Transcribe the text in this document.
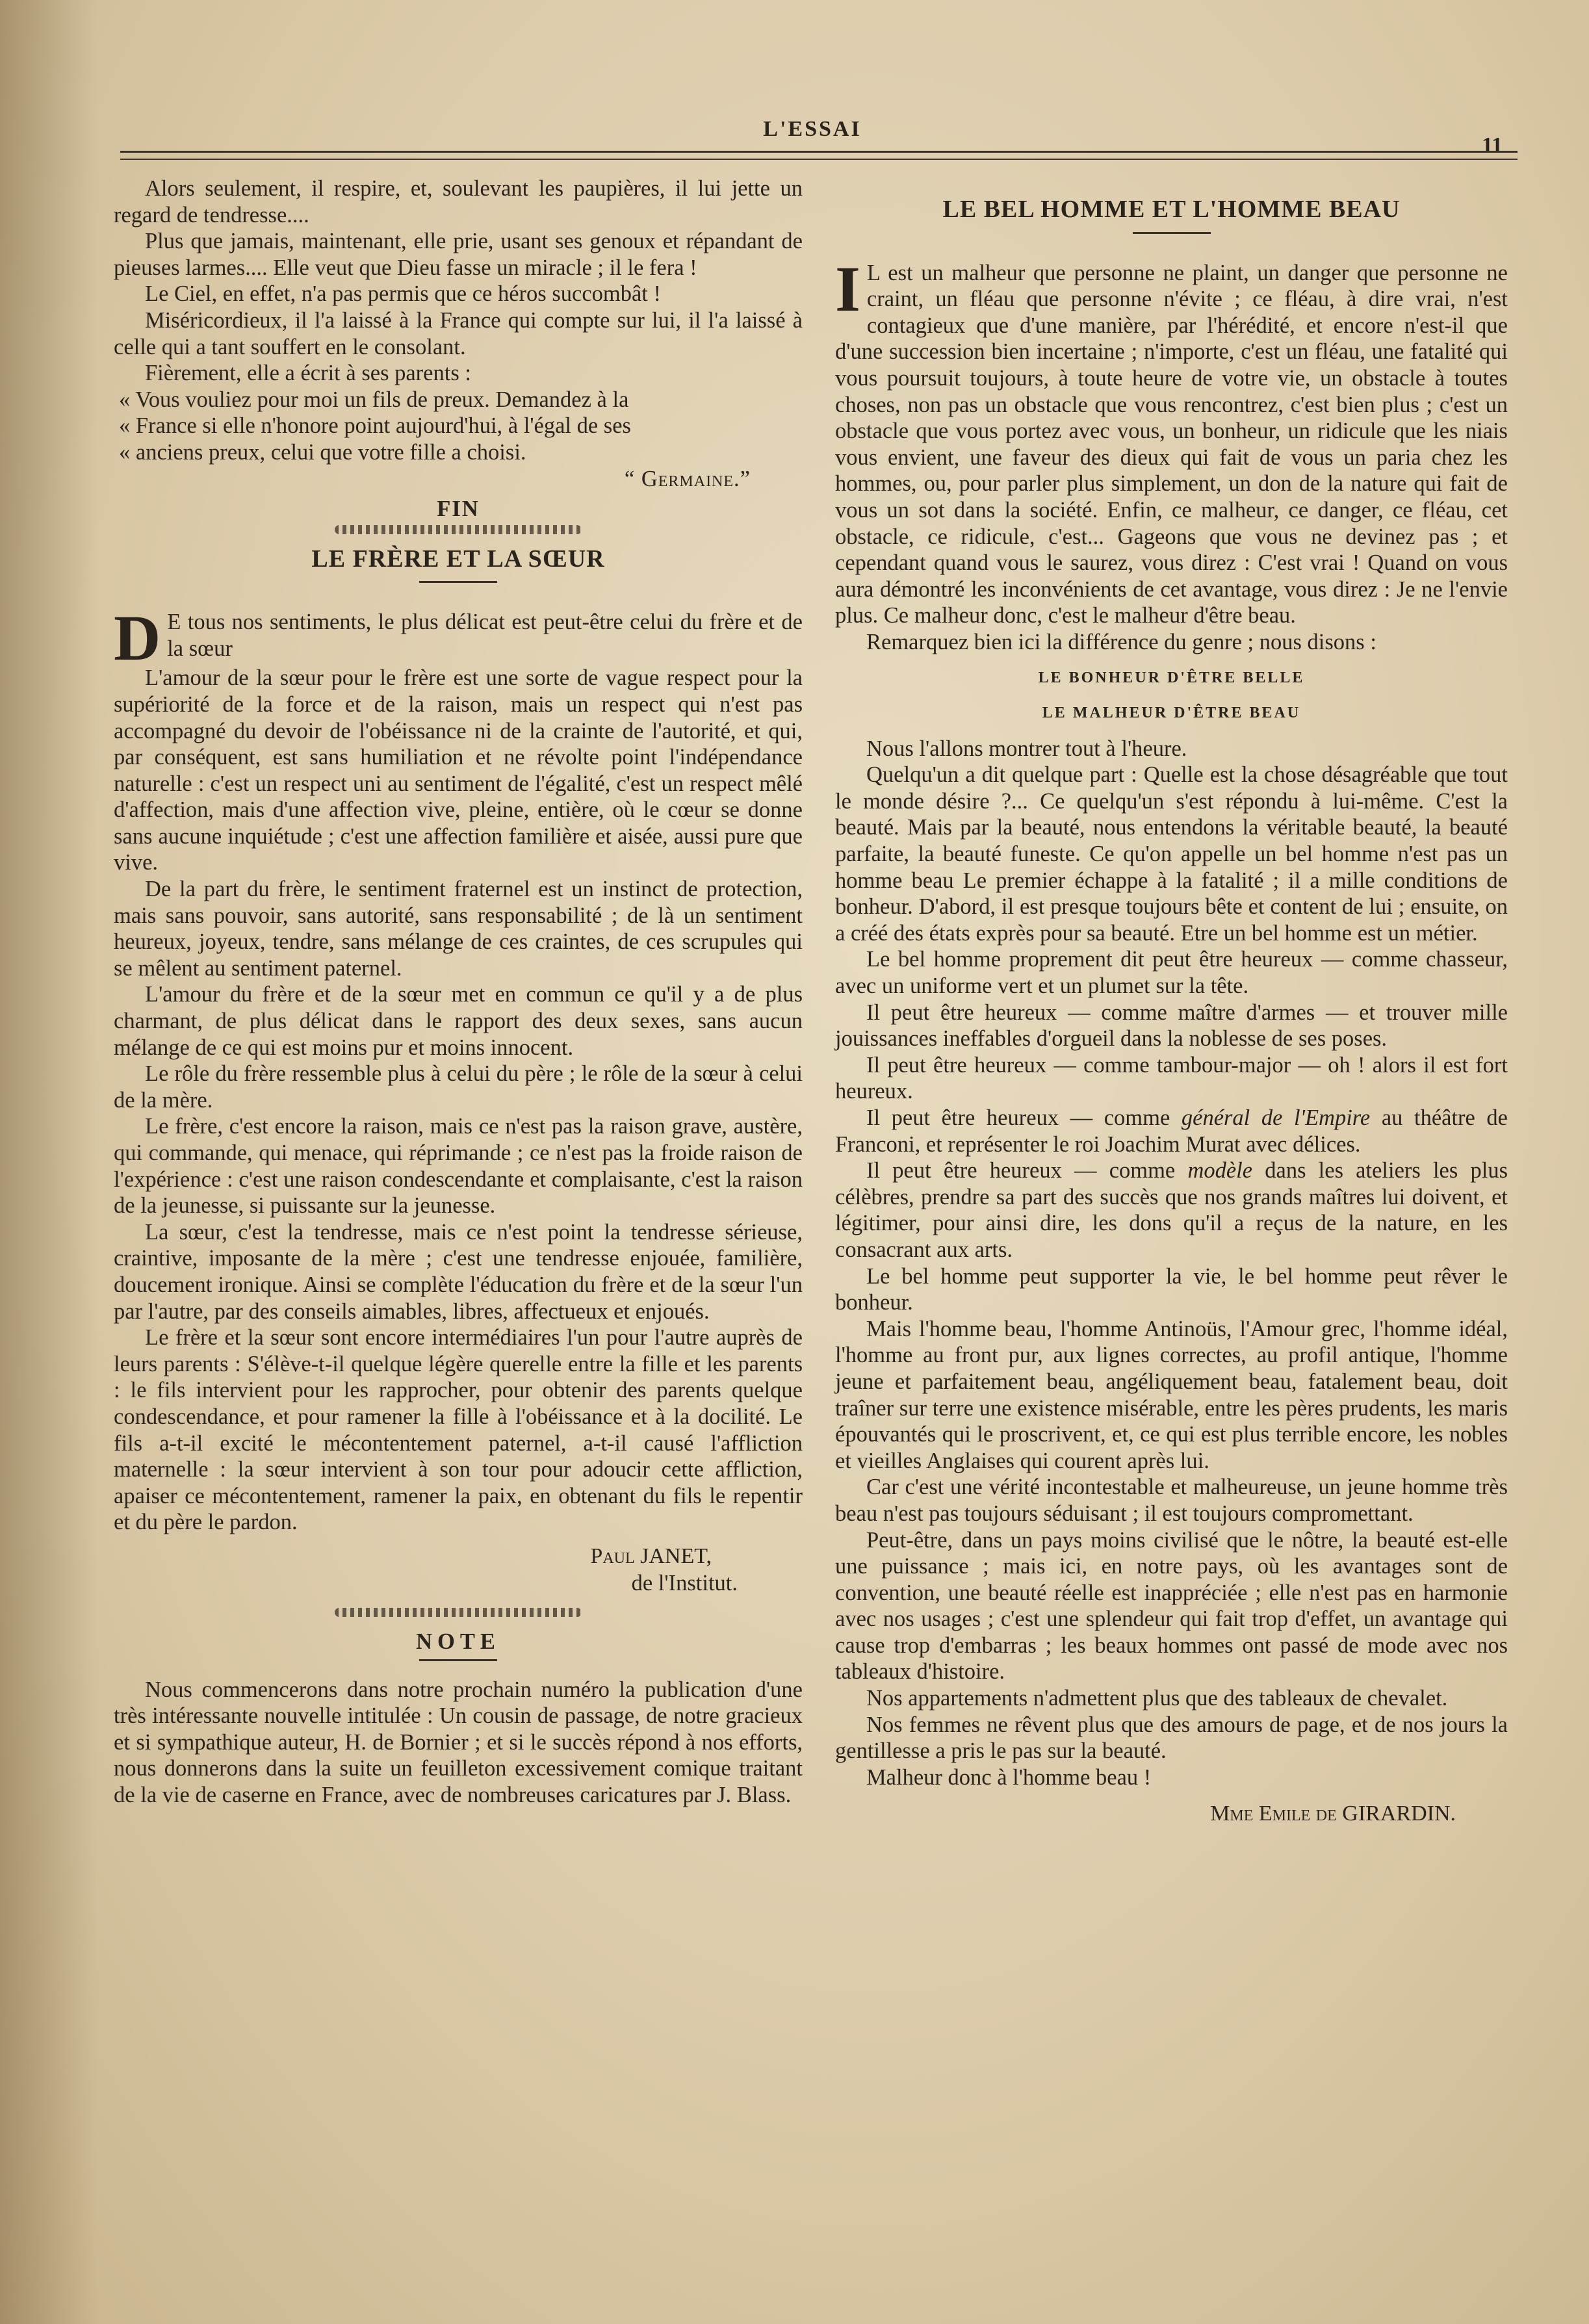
L'ESSAI
11

Alors seulement, il respire, et, soulevant les paupières, il lui jette un regard de tendresse....

Plus que jamais, maintenant, elle prie, usant ses genoux et répandant de pieuses larmes.... Elle veut que Dieu fasse un miracle ; il le fera !

Le Ciel, en effet, n'a pas permis que ce héros succombât !

Miséricordieux, il l'a laissé à la France qui compte sur lui, il l'a laissé à celle qui a tant souffert en le consolant.

Fièrement, elle a écrit à ses parents :

« Vous vouliez pour moi un fils de preux. Demandez à la

« France si elle n'honore point aujourd'hui, à l'égal de ses

« anciens preux, celui que votre fille a choisi.

“ Germaine.”

FIN

LE FRÈRE ET LA SŒUR

D E tous nos sentiments, le plus délicat est peut-être celui du frère et de la sœur

L'amour de la sœur pour le frère est une sorte de vague respect pour la supériorité de la force et de la raison, mais un respect qui n'est pas accompagné du devoir de l'obéissance ni de la crainte de l'autorité, et qui, par conséquent, est sans humiliation et ne révolte point l'indépendance naturelle : c'est un respect uni au sentiment de l'égalité, c'est un respect mêlé d'affection, mais d'une affection vive, pleine, entière, où le cœur se donne sans aucune inquiétude ; c'est une affection familière et aisée, aussi pure que vive.

De la part du frère, le sentiment fraternel est un instinct de protection, mais sans pouvoir, sans autorité, sans responsabilité ; de là un sentiment heureux, joyeux, tendre, sans mélange de ces craintes, de ces scrupules qui se mêlent au sentiment paternel.

L'amour du frère et de la sœur met en commun ce qu'il y a de plus charmant, de plus délicat dans le rapport des deux sexes, sans aucun mélange de ce qui est moins pur et moins innocent.

Le rôle du frère ressemble plus à celui du père ; le rôle de la sœur à celui de la mère.

Le frère, c'est encore la raison, mais ce n'est pas la raison grave, austère, qui commande, qui menace, qui réprimande ; ce n'est pas la froide raison de l'expérience : c'est une raison condescendante et complaisante, c'est la raison de la jeunesse, si puissante sur la jeunesse.

La sœur, c'est la tendresse, mais ce n'est point la tendresse sérieuse, craintive, imposante de la mère ; c'est une tendresse enjouée, familière, doucement ironique. Ainsi se complète l'éducation du frère et de la sœur l'un par l'autre, par des conseils aimables, libres, affectueux et enjoués.

Le frère et la sœur sont encore intermédiaires l'un pour l'autre auprès de leurs parents : S'élève-t-il quelque légère querelle entre la fille et les parents : le fils intervient pour les rapprocher, pour obtenir des parents quelque condescendance, et pour ramener la fille à l'obéissance et à la docilité. Le fils a-t-il excité le mécontentement paternel, a-t-il causé l'affliction maternelle : la sœur intervient à son tour pour adoucir cette affliction, apaiser ce mécontentement, ramener la paix, en obtenant du fils le repentir et du père le pardon.

Paul JANET,

de l'Institut.

NOTE

Nous commencerons dans notre prochain numéro la publication d'une très intéressante nouvelle intitulée : Un cousin de passage, de notre gracieux et si sympathique auteur, H. de Bornier ; et si le succès répond à nos efforts, nous donnerons dans la suite un feuilleton excessivement comique traitant de la vie de caserne en France, avec de nombreuses caricatures par J. Blass.

LE BEL HOMME ET L'HOMME BEAU

I L est un malheur que personne ne plaint, un danger que personne ne craint, un fléau que personne n'évite ; ce fléau, à dire vrai, n'est contagieux que d'une manière, par l'hérédité, et encore n'est-il que d'une succession bien incertaine ; n'importe, c'est un fléau, une fatalité qui vous poursuit toujours, à toute heure de votre vie, un obstacle à toutes choses, non pas un obstacle que vous rencontrez, c'est bien plus ; c'est un obstacle que vous portez avec vous, un bonheur, un ridicule que les niais vous envient, une faveur des dieux qui fait de vous un paria chez les hommes, ou, pour parler plus simplement, un don de la nature qui fait de vous un sot dans la société. Enfin, ce malheur, ce danger, ce fléau, cet obstacle, ce ridicule, c'est... Gageons que vous ne devinez pas ; et cependant quand vous le saurez, vous direz : C'est vrai ! Quand on vous aura démontré les inconvénients de cet avantage, vous direz : Je ne l'envie plus. Ce malheur donc, c'est le malheur d'être beau.

Remarquez bien ici la différence du genre ; nous disons :

LE BONHEUR D'ÊTRE BELLE

LE MALHEUR D'ÊTRE BEAU

Nous l'allons montrer tout à l'heure.

Quelqu'un a dit quelque part : Quelle est la chose désagréable que tout le monde désire ?... Ce quelqu'un s'est répondu à lui-même. C'est la beauté. Mais par la beauté, nous entendons la véritable beauté, la beauté parfaite, la beauté funeste. Ce qu'on appelle un bel homme n'est pas un homme beau Le premier échappe à la fatalité ; il a mille conditions de bonheur. D'abord, il est presque toujours bête et content de lui ; ensuite, on a créé des états exprès pour sa beauté. Etre un bel homme est un métier.

Le bel homme proprement dit peut être heureux — comme chasseur, avec un uniforme vert et un plumet sur la tête.

Il peut être heureux — comme maître d'armes — et trouver mille jouissances ineffables d'orgueil dans la noblesse de ses poses.

Il peut être heureux — comme tambour-major — oh ! alors il est fort heureux.

Il peut être heureux — comme général de l'Empire au théâtre de Franconi, et représenter le roi Joachim Murat avec délices.

Il peut être heureux — comme modèle dans les ateliers les plus célèbres, prendre sa part des succès que nos grands maîtres lui doivent, et légitimer, pour ainsi dire, les dons qu'il a reçus de la nature, en les consacrant aux arts.

Le bel homme peut supporter la vie, le bel homme peut rêver le bonheur.

Mais l'homme beau, l'homme Antinoüs, l'Amour grec, l'homme idéal, l'homme au front pur, aux lignes correctes, au profil antique, l'homme jeune et parfaitement beau, angéliquement beau, fatalement beau, doit traîner sur terre une existence misérable, entre les pères prudents, les maris épouvantés qui le proscrivent, et, ce qui est plus terrible encore, les nobles et vieilles Anglaises qui courent après lui.

Car c'est une vérité incontestable et malheureuse, un jeune homme très beau n'est pas toujours séduisant ; il est toujours compromettant.

Peut-être, dans un pays moins civilisé que le nôtre, la beauté est-elle une puissance ; mais ici, en notre pays, où les avantages sont de convention, une beauté réelle est inappréciée ; elle n'est pas en harmonie avec nos usages ; c'est une splendeur qui fait trop d'effet, un avantage qui cause trop d'embarras ; les beaux hommes ont passé de mode avec nos tableaux d'histoire.

Nos appartements n'admettent plus que des tableaux de chevalet.

Nos femmes ne rêvent plus que des amours de page, et de nos jours la gentillesse a pris le pas sur la beauté.

Malheur donc à l'homme beau !

Mme Emile de GIRARDIN.
